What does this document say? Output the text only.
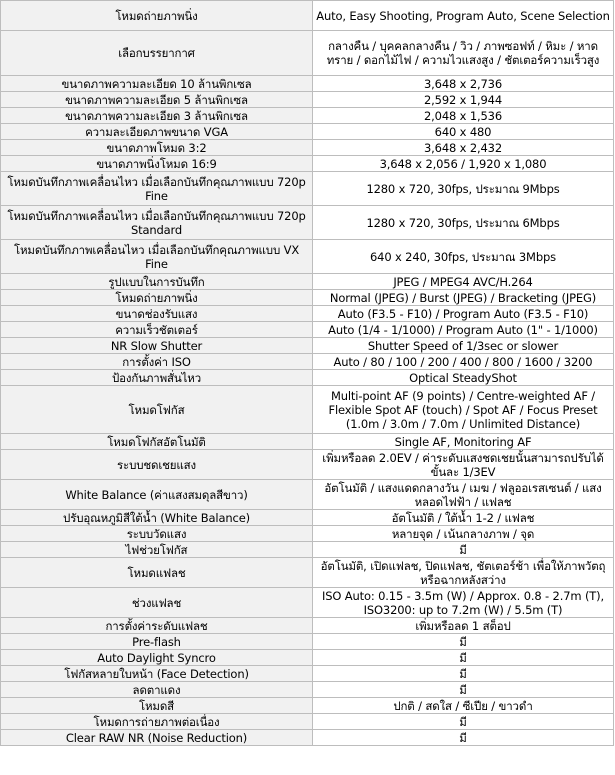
โหมดถ่ายภาพนิ่ง	Auto, Easy Shooting, Program Auto, Scene Selection
เลือกบรรยากาศ	กลางคืน / บุคคลกลางคืน / วิว / ภาพซอฟท์ / หิมะ / หาดทราย / ดอกไม้ไฟ / ความไวแสงสูง / ชัตเตอร์ความเร็วสูง
ขนาดภาพความละเอียด 10 ล้านพิกเซล	3,648 x 2,736
ขนาดภาพความละเอียด 5 ล้านพิกเซล	2,592 x 1,944
ขนาดภาพความละเอียด 3 ล้านพิกเซล	2,048 x 1,536
ความละเอียดภาพขนาด VGA	640 x 480
ขนาดภาพโหมด 3:2	3,648 x 2,432
ขนาดภาพนิ่งโหมด 16:9	3,648 x 2,056 / 1,920 x 1,080
โหมดบันทึกภาพเคลื่อนไหว เมื่อเลือกบันทึกคุณภาพแบบ 720p Fine	1280 x 720, 30fps, ประมาณ 9Mbps
โหมดบันทึกภาพเคลื่อนไหว เมื่อเลือกบันทึกคุณภาพแบบ 720p Standard	1280 x 720, 30fps, ประมาณ 6Mbps
โหมดบันทึกภาพเคลื่อนไหว เมื่อเลือกบันทึกคุณภาพแบบ VX Fine	640 x 240, 30fps, ประมาณ 3Mbps
รูปแบบในการบันทึก	JPEG / MPEG4 AVC/H.264
โหมดถ่ายภาพนิ่ง	Normal (JPEG) / Burst (JPEG) / Bracketing (JPEG)
ขนาดช่องรับแสง	Auto (F3.5 - F10) / Program Auto (F3.5 - F10)
ความเร็วชัตเตอร์	Auto (1/4 - 1/1000) / Program Auto (1" - 1/1000)
NR Slow Shutter	Shutter Speed of 1/3sec or slower
การตั้งค่า ISO	Auto / 80 / 100 / 200 / 400 / 800 / 1600 / 3200
ป้องกันภาพสั่นไหว	Optical SteadyShot
โหมดโฟกัส	Multi-point AF (9 points) / Centre-weighted AF / Flexible Spot AF (touch) / Spot AF / Focus Preset (1.0m / 3.0m / 7.0m / Unlimited Distance)
โหมดโฟกัสอัตโนมัติ	Single AF, Monitoring AF
ระบบชดเชยแสง	เพิ่มหรือลด 2.0EV / ค่าระดับแสงชดเชยนั้นสามารถปรับได้ขั้นละ 1/3EV
White Balance (ค่าแสงสมดุลสีขาว)	อัตโนมัติ / แสงแดดกลางวัน / เมฆ / ฟลูออเรสเซนต์ / แสงหลอดไฟฟ้า / แฟลช
ปรับอุณหภูมิสีใต้น้ำ (White Balance)	อัตโนมัติ / ใต้น้ำ 1-2 / แฟลช
ระบบวัดแสง	หลายจุด / เน้นกลางภาพ / จุด
ไฟช่วยโฟกัส	มี
โหมดแฟลช	อัตโนมัติ, เปิดแฟลช, ปิดแฟลช, ชัตเตอร์ช้า เพื่อให้ภาพวัตถุหรือฉากหลังสว่าง
ช่วงแฟลช	ISO Auto: 0.15 - 3.5m (W) / Approx. 0.8 - 2.7m (T), ISO3200: up to 7.2m (W) / 5.5m (T)
การตั้งค่าระดับแฟลช	เพิ่มหรือลด 1 สต็อป
Pre-flash	มี
Auto Daylight Syncro	มี
โฟกัสหลายใบหน้า (Face Detection)	มี
ลดตาแดง	มี
โหมดสี	ปกติ / สดใส / ซีเปีย / ขาวดำ
โหมดการถ่ายภาพต่อเนื่อง	มี
Clear RAW NR (Noise Reduction)	มี
